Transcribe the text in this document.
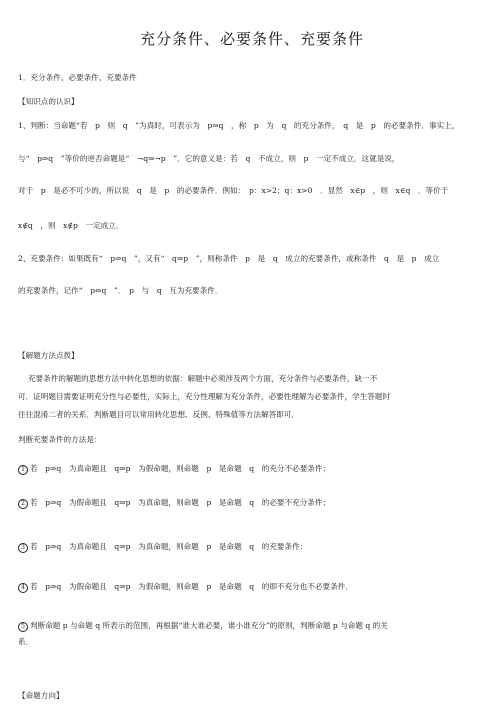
充分条件、必要条件、充要条件
1．充分条件、必要条件、充要条件
【知识点的认识】
1、判断：当命题“若　p　则　q　”为真时，可表示为　p⇒q　，称　p　为　q　的充分条件，　q　是　p　的必要条件．事实上，
与“　p⇒q　”等价的逆否命题是“　¬q⇒¬p　”．它的意义是：若　q　不成立，则　p　一定不成立．这就是说，
对于　p　是必不可少的，所以说　q　是　p　的必要条件．例如：　p：x>2；q：x>0　．显然　x∈p　，则　x∈q　．等价于
x∉q　，则　x∉p　一定成立．
2、充要条件：如果既有“　p⇒q　”，又有“　q⇒p　”，则称条件　p　是　q　成立的充要条件，或称条件　q　是　p　成立
的充要条件，记作“　p⇔q　”．　p　与　q　互为充要条件．
【解题方法点拨】
充要条件的解题的思想方法中转化思想的依据：解题中必须涉及两个方面，充分条件与必要条件，缺一不
可．证明题目需要证明充分性与必要性，实际上，充分性理解为充分条件，必要性理解为必要条件，学生答题时
往往混淆二者的关系．判断题目可以常用转化思想、反例、特殊值等方法解答即可．
判断充要条件的方法是：
1 若　p⇒q　为真命题且　q⇒p　为假命题，则命题　p　是命题　q　的充分不必要条件；
2 若　p⇒q　为假命题且　q⇒p　为真命题，则命题　p　是命题　q　的必要不充分条件；
3 若　p⇒q　为真命题且　q⇒p　为真命题，则命题　p　是命题　q　的充要条件；
4 若　p⇒q　为假命题且　q⇒p　为假命题，则命题　p　是命题　q　的即不充分也不必要条件．
5 判断命题 p 与命题 q 所表示的范围，再根据“谁大谁必要，谁小谁充分”的原则，判断命题 p 与命题 q 的关
系．
【命题方向】
